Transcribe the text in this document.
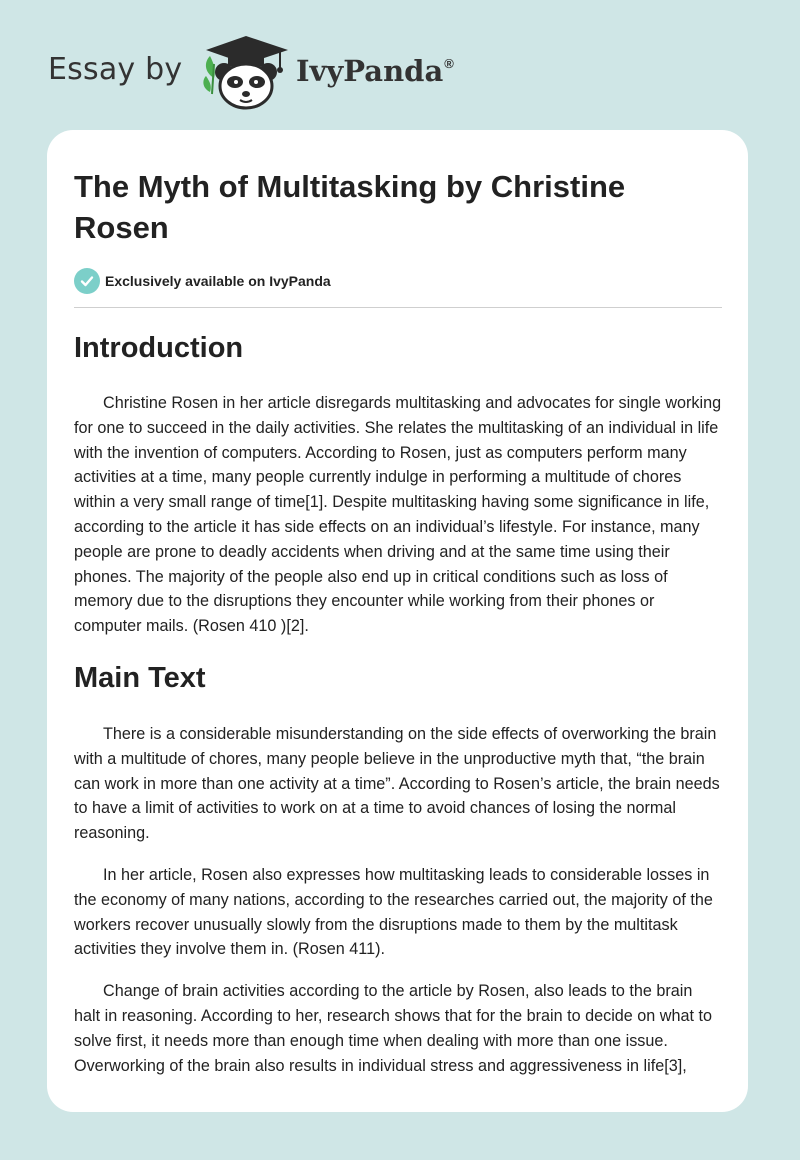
Essay by	IvyPanda®
The Myth of Multitasking by Christine Rosen
Exclusively available on IvyPanda
Introduction

Christine Rosen in her article disregards multitasking and advocates for single working for one to succeed in the daily activities. She relates the multitasking of an individual in life with the invention of computers. According to Rosen, just as computers perform many activities at a time, many people currently indulge in performing a multitude of chores within a very small range of time[1]. Despite multitasking having some significance in life, according to the article it has side effects on an individual’s lifestyle. For instance, many people are prone to deadly accidents when driving and at the same time using their phones. The majority of the people also end up in critical conditions such as loss of memory due to the disruptions they encounter while working from their phones or computer mails. (Rosen 410 )[2].

Main Text

There is a considerable misunderstanding on the side effects of overworking the brain with a multitude of chores, many people believe in the unproductive myth that, “the brain can work in more than one activity at a time”. According to Rosen’s article, the brain needs to have a limit of activities to work on at a time to avoid chances of losing the normal reasoning.

In her article, Rosen also expresses how multitasking leads to considerable losses in the economy of many nations, according to the researches carried out, the majority of the workers recover unusually slowly from the disruptions made to them by the multitask activities they involve them in. (Rosen 411).

Change of brain activities according to the article by Rosen, also leads to the brain halt in reasoning. According to her, research shows that for the brain to decide on what to solve first, it needs more than enough time when dealing with more than one issue. Overworking of the brain also results in individual stress and aggressiveness in life[3],
